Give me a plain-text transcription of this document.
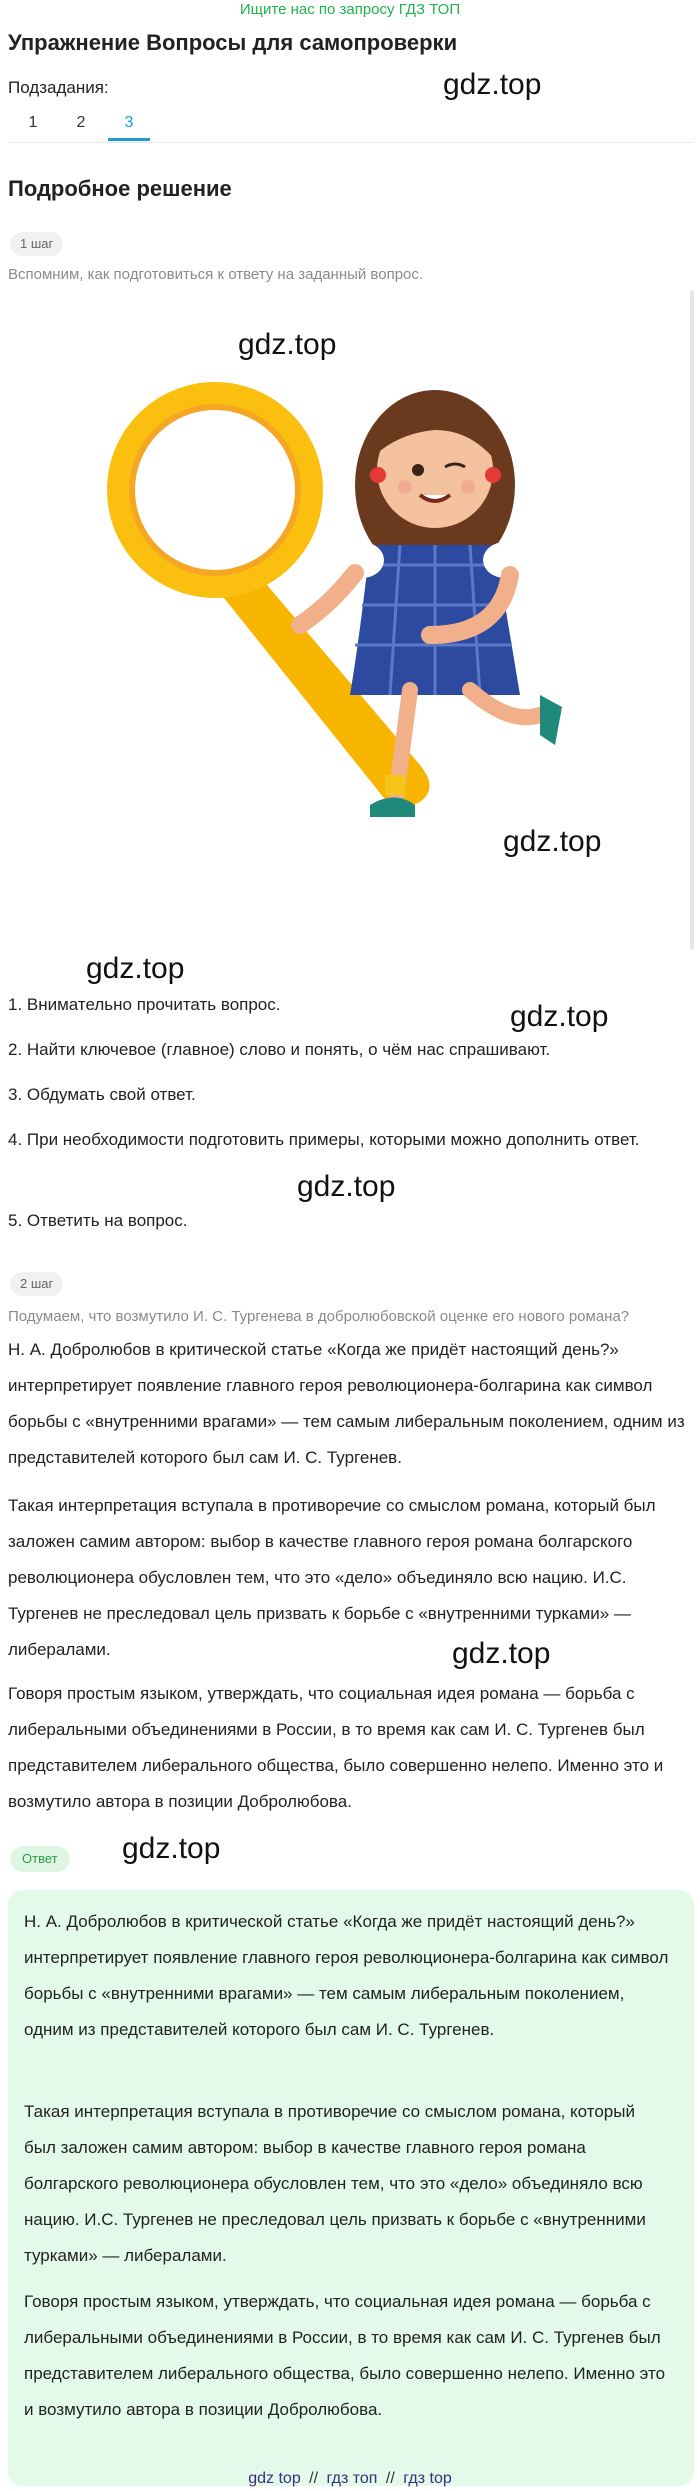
Ищите нас по запросу ГДЗ ТОП
Упражнение Вопросы для самопроверки
Подзадания:
1	2	3
Подробное решение
1 шаг
Вспомним, как подготовиться к ответу на заданный вопрос.
gdz.top
gdz.top
gdz.top
gdz.top
gdz.top
gdz.top
gdz.top
gdz.top
1. Внимательно прочитать вопрос.
2. Найти ключевое (главное) слово и понять, о чём нас спрашивают.
3. Обдумать свой ответ.
4. При необходимости подготовить примеры, которыми можно дополнить ответ.
5. Ответить на вопрос.
2 шаг
Подумаем, что возмутило И. С. Тургенева в добролюбовской оценке его нового романа?
Н. А. Добролюбов в критической статье «Когда же придёт настоящий день?» интерпретирует появление главного героя революционера-болгарина как символ борьбы с «внутренними врагами» — тем самым либеральным поколением, одним из представителей которого был сам И. С. Тургенев.
Такая интерпретация вступала в противоречие со смыслом романа, который был заложен самим автором: выбор в качестве главного героя романа болгарского революционера обусловлен тем, что это «дело» объединяло всю нацию. И.С. Тургенев не преследовал цель призвать к борьбе с «внутренними турками» — либералами.
Говоря простым языком, утверждать, что социальная идея романа — борьба с либеральными объединениями в России, в то время как сам И. С. Тургенев был представителем либерального общества, было совершенно нелепо. Именно это и возмутило автора в позиции Добролюбова.
Ответ
Н. А. Добролюбов в критической статье «Когда же придёт настоящий день?» интерпретирует появление главного героя революционера-болгарина как символ борьбы с «внутренними врагами» — тем самым либеральным поколением, одним из представителей которого был сам И. С. Тургенев.
Такая интерпретация вступала в противоречие со смыслом романа, который был заложен самим автором: выбор в качестве главного героя романа болгарского революционера обусловлен тем, что это «дело» объединяло всю нацию. И.С. Тургенев не преследовал цель призвать к борьбе с «внутренними турками» — либералами.
Говоря простым языком, утверждать, что социальная идея романа — борьба с либеральными объединениями в России, в то время как сам И. С. Тургенев был представителем либерального общества, было совершенно нелепо. Именно это и возмутило автора в позиции Добролюбова.
gdz top // гдз топ // гдз top
